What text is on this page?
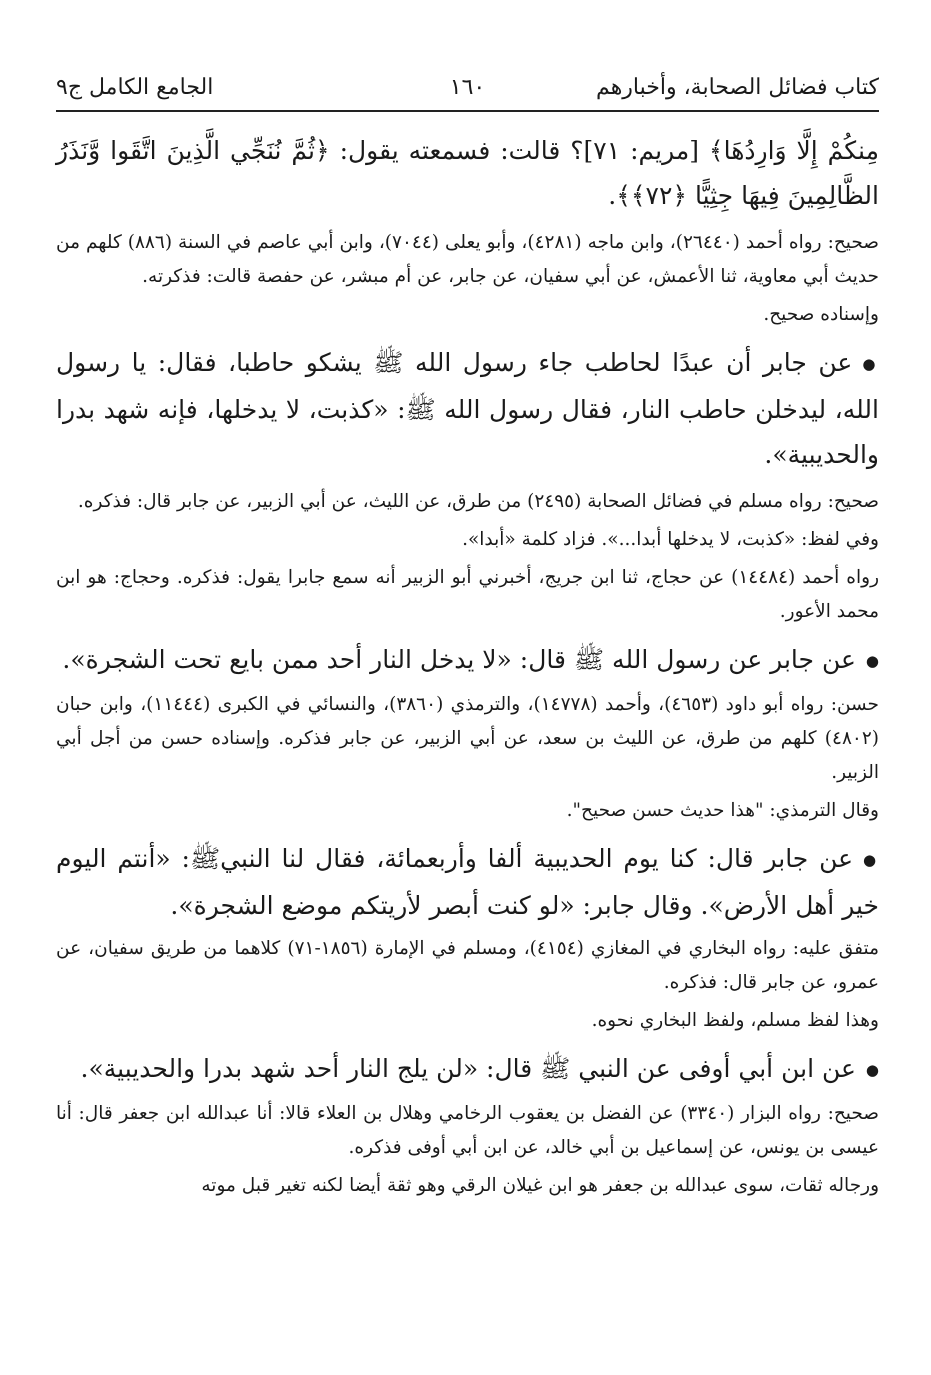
كتاب فضائل الصحابة، وأخبارهم
١٦٠
الجامع الكامل ج٩

مِنكُمْ إِلَّا وَارِدُهَا﴾ [مريم: ٧١]؟ قالت: فسمعته يقول: ﴿ثُمَّ نُنَجِّي الَّذِينَ اتَّقَوا وَّنَذَرُ الظَّالِمِينَ فِيهَا جِثِيًّا ﴿٧٢﴾﴾.

صحيح: رواه أحمد (٢٦٤٤٠)، وابن ماجه (٤٢٨١)، وأبو يعلى (٧٠٤٤)، وابن أبي عاصم في السنة (٨٨٦) كلهم من حديث أبي معاوية، ثنا الأعمش، عن أبي سفيان، عن جابر، عن أم مبشر، عن حفصة قالت: فذكرته.

وإسناده صحيح.

● عن جابر أن عبدًا لحاطب جاء رسول الله ﷺ يشكو حاطبا، فقال: يا رسول الله، ليدخلن حاطب النار، فقال رسول الله ﷺ: «كذبت، لا يدخلها، فإنه شهد بدرا والحديبية».

صحيح: رواه مسلم في فضائل الصحابة (٢٤٩٥) من طرق، عن الليث، عن أبي الزبير، عن جابر قال: فذكره.

وفي لفظ: «كذبت، لا يدخلها أبدا...». فزاد كلمة «أبدا».

رواه أحمد (١٤٤٨٤) عن حجاج، ثنا ابن جريج، أخبرني أبو الزبير أنه سمع جابرا يقول: فذكره. وحجاج: هو ابن محمد الأعور.

● عن جابر عن رسول الله ﷺ قال: «لا يدخل النار أحد ممن بايع تحت الشجرة».

حسن: رواه أبو داود (٤٦٥٣)، وأحمد (١٤٧٧٨)، والترمذي (٣٨٦٠)، والنسائي في الكبرى (١١٤٤٤)، وابن حبان (٤٨٠٢) كلهم من طرق، عن الليث بن سعد، عن أبي الزبير، عن جابر فذكره. وإسناده حسن من أجل أبي الزبير.

وقال الترمذي: "هذا حديث حسن صحيح".

● عن جابر قال: كنا يوم الحديبية ألفا وأربعمائة، فقال لنا النبيﷺ: «أنتم اليوم خير أهل الأرض». وقال جابر: «لو كنت أبصر لأريتكم موضع الشجرة».

متفق عليه: رواه البخاري في المغازي (٤١٥٤)، ومسلم في الإمارة (١٨٥٦-٧١) كلاهما من طريق سفيان، عن عمرو، عن جابر قال: فذكره.

وهذا لفظ مسلم، ولفظ البخاري نحوه.

● عن ابن أبي أوفى عن النبي ﷺ قال: «لن يلج النار أحد شهد بدرا والحديبية».

صحيح: رواه البزار (٣٣٤٠) عن الفضل بن يعقوب الرخامي وهلال بن العلاء قالا: أنا عبدالله ابن جعفر قال: أنا عيسى بن يونس، عن إسماعيل بن أبي خالد، عن ابن أبي أوفى فذكره.

ورجاله ثقات، سوى عبدالله بن جعفر هو ابن غيلان الرقي وهو ثقة أيضا لكنه تغير قبل موته
